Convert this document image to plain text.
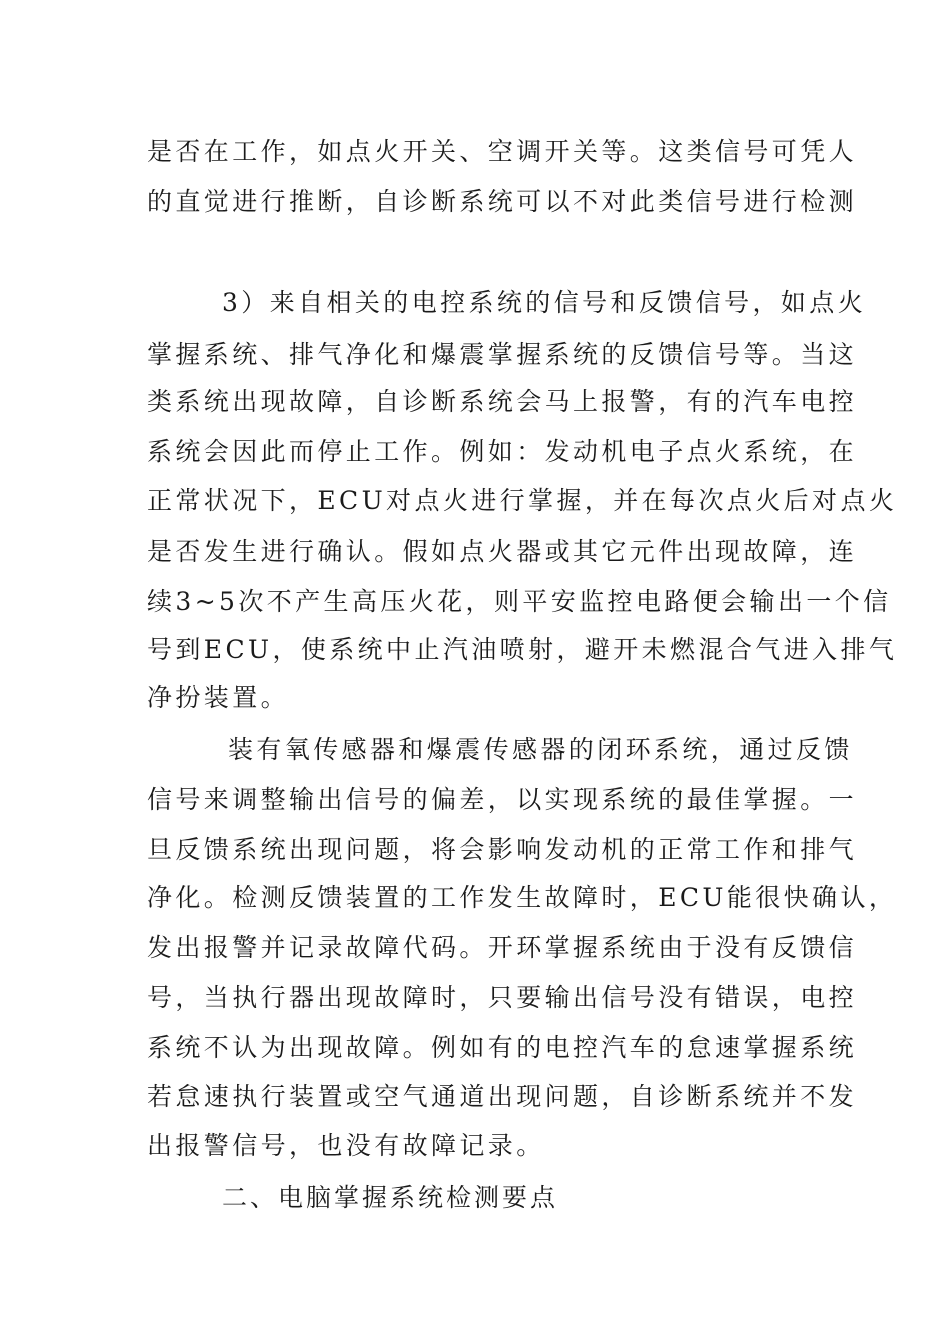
是否在工作，如点火开关、空调开关等。这类信号可凭人
的直觉进行推断，自诊断系统可以不对此类信号进行检测
3）来自相关的电控系统的信号和反馈信号，如点火
掌握系统、排气净化和爆震掌握系统的反馈信号等。当这
类系统出现故障，自诊断系统会马上报警，有的汽车电控
系统会因此而停止工作。例如：发动机电子点火系统，在
正常状况下，ECU对点火进行掌握，并在每次点火后对点火
是否发生进行确认。假如点火器或其它元件出现故障，连
续3~5次不产生高压火花，则平安监控电路便会输出一个信
号到ECU，使系统中止汽油喷射，避开未燃混合气进入排气
净扮装置。
装有氧传感器和爆震传感器的闭环系统，通过反馈
信号来调整输出信号的偏差，以实现系统的最佳掌握。一
旦反馈系统出现问题，将会影响发动机的正常工作和排气
净化。检测反馈装置的工作发生故障时，ECU能很快确认，
发出报警并记录故障代码。开环掌握系统由于没有反馈信
号，当执行器出现故障时，只要输出信号没有错误，电控
系统不认为出现故障。例如有的电控汽车的怠速掌握系统
若怠速执行装置或空气通道出现问题，自诊断系统并不发
出报警信号，也没有故障记录。
二、电脑掌握系统检测要点
